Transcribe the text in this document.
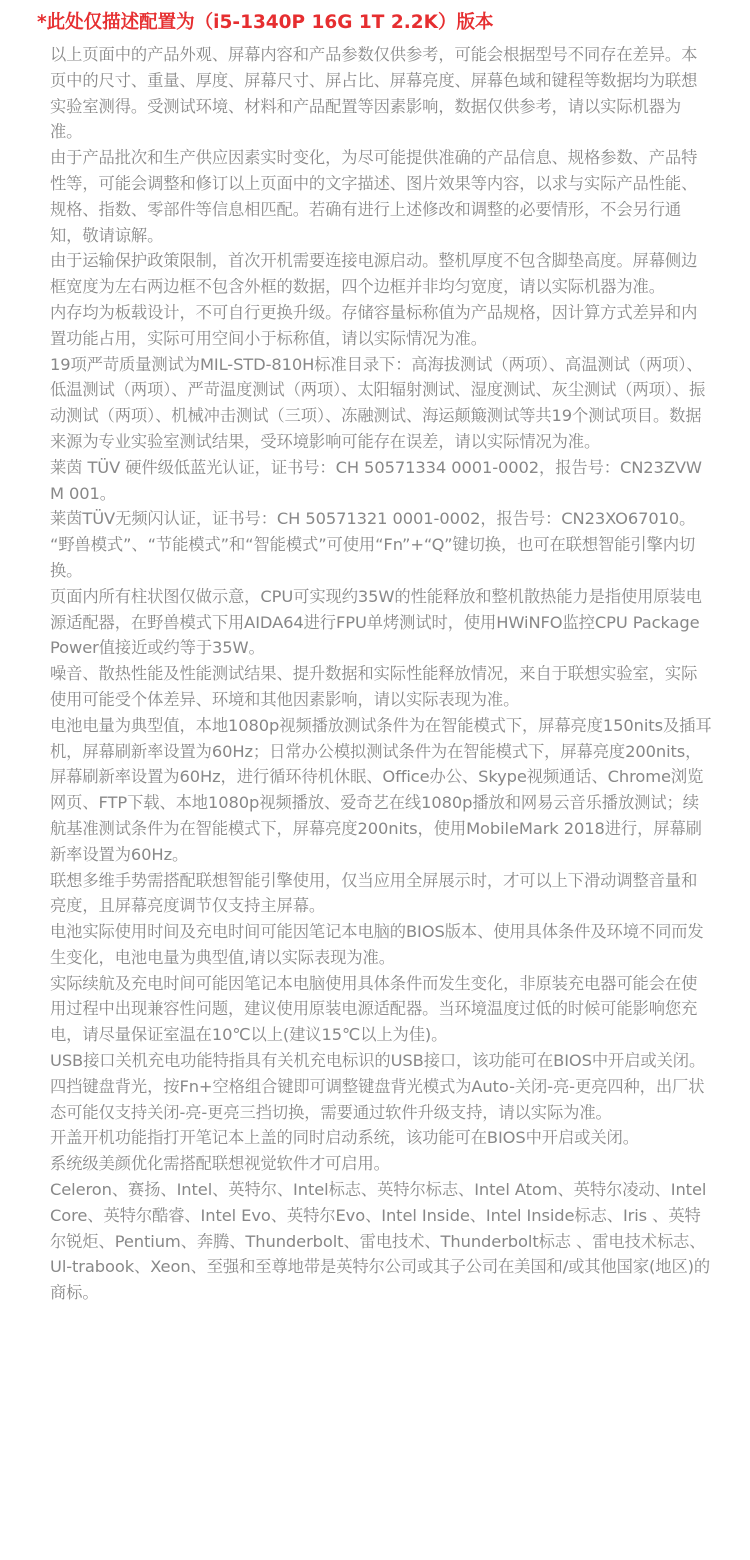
*此处仅描述配置为（i5-1340P 16G 1T 2.2K）版本

以上页面中的产品外观、屏幕内容和产品参数仅供参考，可能会根据型号不同存在差异。本页中的尺寸、重量、厚度、屏幕尺寸、屏占比、屏幕亮度、屏幕色域和键程等数据均为联想实验室测得。受测试环境、材料和产品配置等因素影响，数据仅供参考，请以实际机器为准。

由于产品批次和生产供应因素实时变化，为尽可能提供准确的产品信息、规格参数、产品特性等，可能会调整和修订以上页面中的文字描述、图片效果等内容，以求与实际产品性能、规格、指数、零部件等信息相匹配。若确有进行上述修改和调整的必要情形，不会另行通知，敬请谅解。

由于运输保护政策限制，首次开机需要连接电源启动。整机厚度不包含脚垫高度。屏幕侧边框宽度为左右两边框不包含外框的数据，四个边框并非均匀宽度，请以实际机器为准。

内存均为板载设计，不可自行更换升级。存储容量标称值为产品规格，因计算方式差异和内置功能占用，实际可用空间小于标称值，请以实际情况为准。

19项严苛质量测试为MIL-STD-810H标准目录下：高海拔测试（两项）、高温测试（两项）、低温测试（两项）、严苛温度测试（两项）、太阳辐射测试、湿度测试、灰尘测试（两项）、振动测试（两项）、机械冲击测试（三项）、冻融测试、海运颠簸测试等共19个测试项目。数据来源为专业实验室测试结果，受环境影响可能存在误差，请以实际情况为准。

莱茵 TÜV 硬件级低蓝光认证，证书号：CH 50571334 0001-0002，报告号：CN23ZVWM 001。

莱茵TÜV无频闪认证，证书号：CH 50571321 0001-0002，报告号：CN23XO67010。

“野兽模式”、“节能模式”和“智能模式”可使用“Fn”+“Q”键切换，也可在联想智能引擎内切换。

页面内所有柱状图仅做示意，CPU可实现约35W的性能释放和整机散热能力是指使用原装电源适配器，在野兽模式下用AIDA64进行FPU单烤测试时，使用HWiNFO监控CPU Package Power值接近或约等于35W。

噪音、散热性能及性能测试结果、提升数据和实际性能释放情况，来自于联想实验室，实际使用可能受个体差异、环境和其他因素影响，请以实际表现为准。

电池电量为典型值，本地1080p视频播放测试条件为在智能模式下，屏幕亮度150nits及插耳机，屏幕刷新率设置为60Hz；日常办公模拟测试条件为在智能模式下，屏幕亮度200nits，屏幕刷新率设置为60Hz，进行循环待机休眠、Office办公、Skype视频通话、Chrome浏览网页、FTP下载、本地1080p视频播放、爱奇艺在线1080p播放和网易云音乐播放测试；续航基准测试条件为在智能模式下，屏幕亮度200nits，使用MobileMark 2018进行，屏幕刷新率设置为60Hz。

联想多维手势需搭配联想智能引擎使用，仅当应用全屏展示时，才可以上下滑动调整音量和亮度，且屏幕亮度调节仅支持主屏幕。

电池实际使用时间及充电时间可能因笔记本电脑的BIOS版本、使用具体条件及环境不同而发生变化，电池电量为典型值,请以实际表现为准。

实际续航及充电时间可能因笔记本电脑使用具体条件而发生变化，非原装充电器可能会在使用过程中出现兼容性问题，建议使用原装电源适配器。当环境温度过低的时候可能影响您充电，请尽量保证室温在10℃以上(建议15℃以上为佳)。

USB接口关机充电功能特指具有关机充电标识的USB接口，该功能可在BIOS中开启或关闭。

四挡键盘背光，按Fn+空格组合键即可调整键盘背光模式为Auto-关闭-亮-更亮四种，出厂状态可能仅支持关闭-亮-更亮三挡切换，需要通过软件升级支持，请以实际为准。

开盖开机功能指打开笔记本上盖的同时启动系统，该功能可在BIOS中开启或关闭。

系统级美颜优化需搭配联想视觉软件才可启用。

Celeron、赛扬、Intel、英特尔、Intel标志、英特尔标志、Intel Atom、英特尔凌动、Intel Core、英特尔酷睿、Intel Evo、英特尔Evo、Intel Inside、Intel Inside标志、Iris 、英特尔锐炬、Pentium、奔腾、Thunderbolt、雷电技术、Thunderbolt标志 、雷电技术标志、Ul-trabook、Xeon、至强和至尊地带是英特尔公司或其子公司在美国和/或其他国家(地区)的商标。
